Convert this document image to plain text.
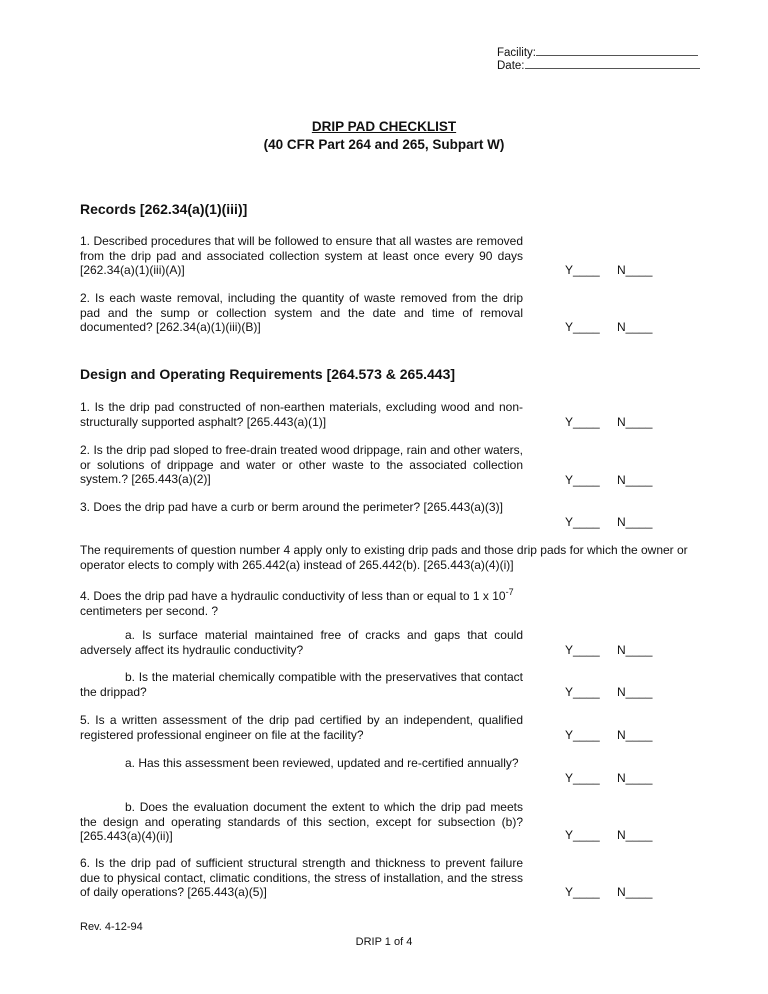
Facility:
Date:
DRIP PAD CHECKLIST
(40 CFR Part 264 and 265, Subpart W)
Records [262.34(a)(1)(iii)]
1. Described procedures that will be followed to ensure that all wastes are removed from the drip pad and associated collection system at least once every 90 days [262.34(a)(1)(iii)(A)]
2. Is each waste removal, including the quantity of waste removed from the drip pad and the sump or collection system and the date and time of removal documented? [262.34(a)(1)(iii)(B)]
Design and Operating Requirements [264.573 & 265.443]
1. Is the drip pad constructed of non-earthen materials, excluding wood and non-structurally supported asphalt? [265.443(a)(1)]
2. Is the drip pad sloped to free-drain treated wood drippage, rain and other waters, or solutions of drippage and water or other waste to the associated collection system.? [265.443(a)(2)]
3. Does the drip pad have a curb or berm around the perimeter? [265.443(a)(3)]
The requirements of question number 4 apply only to existing drip pads and those drip pads for which the owner or operator elects to comply with 265.442(a) instead of 265.442(b). [265.443(a)(4)(i)]
4. Does the drip pad have a hydraulic conductivity of less than or equal to 1 x $10^{-7}$ centimeters per second. ?
a. Is surface material maintained free of cracks and gaps that could adversely affect its hydraulic conductivity?
b. Is the material chemically compatible with the preservatives that contact the drippad?
5. Is a written assessment of the drip pad certified by an independent, qualified registered professional engineer on file at the facility?
a. Has this assessment been reviewed, updated and re-certified annually?
b. Does the evaluation document the extent to which the drip pad meets the design and operating standards of this section, except for subsection (b)? [265.443(a)(4)(ii)]
6. Is the drip pad of sufficient structural strength and thickness to prevent failure due to physical contact, climatic conditions, the stress of installation, and the stress of daily operations? [265.443(a)(5)]
Y____ N____
Y____ N____
Y____ N____
Y____ N____
Y____ N____
Y____ N____
Y____ N____
Y____ N____
Y____ N____
Y____ N____
Y____ N____
Rev. 4-12-94
DRIP 1 of 4
